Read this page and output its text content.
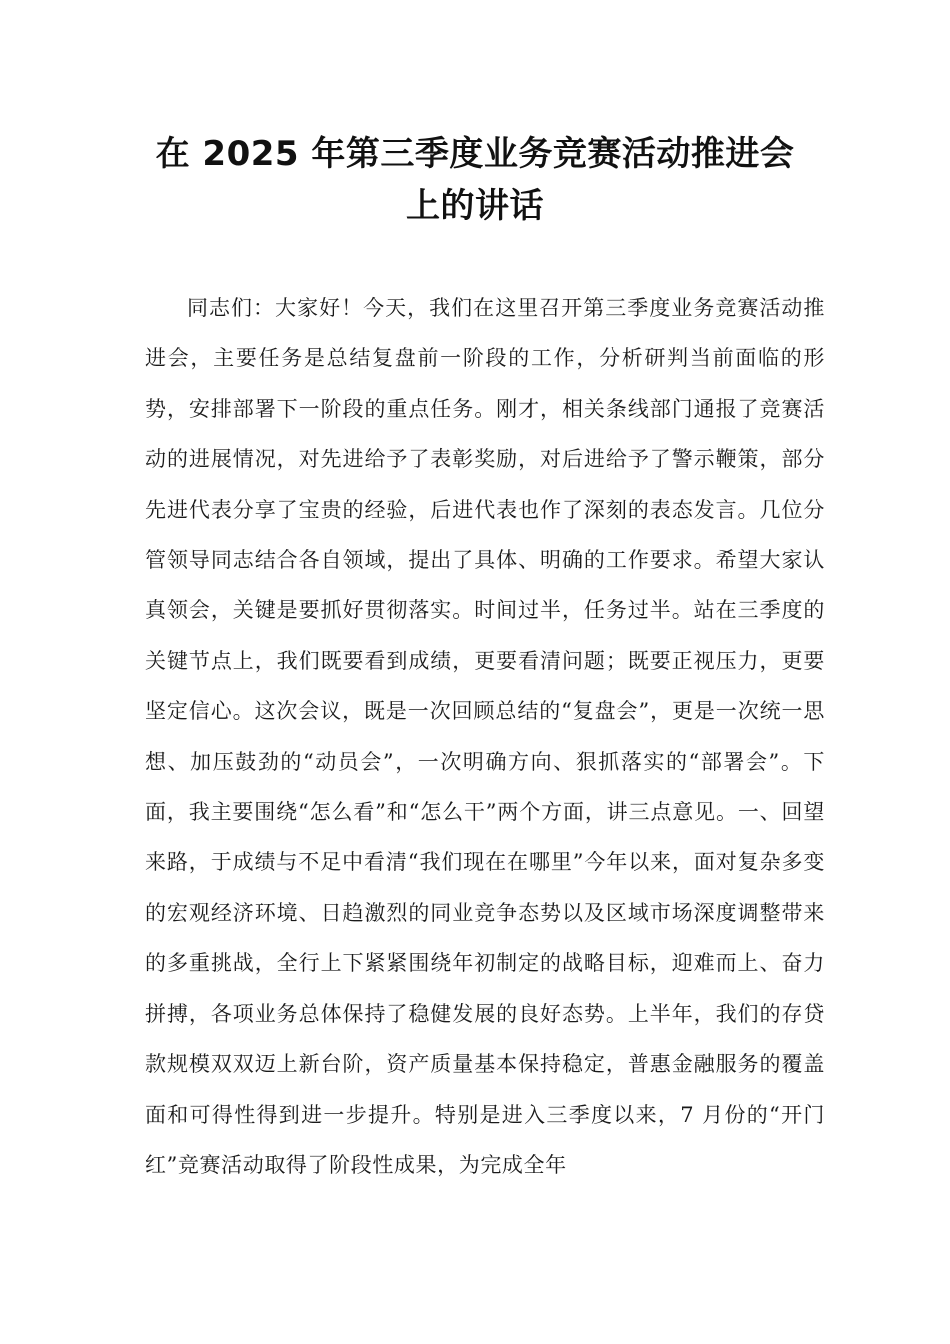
在 2025 年第三季度业务竞赛活动推进会上的讲话

同志们：大家好！今天，我们在这里召开第三季度业务竞赛活动推进会，主要任务是总结复盘前一阶段的工作，分析研判当前面临的形势，安排部署下一阶段的重点任务。刚才，相关条线部门通报了竞赛活动的进展情况，对先进给予了表彰奖励，对后进给予了警示鞭策，部分先进代表分享了宝贵的经验，后进代表也作了深刻的表态发言。几位分管领导同志结合各自领域，提出了具体、明确的工作要求。希望大家认真领会，关键是要抓好贯彻落实。时间过半，任务过半。站在三季度的关键节点上，我们既要看到成绩，更要看清问题；既要正视压力，更要坚定信心。这次会议，既是一次回顾总结的“复盘会”，更是一次统一思想、加压鼓劲的“动员会”，一次明确方向、狠抓落实的“部署会”。下面，我主要围绕“怎么看”和“怎么干”两个方面，讲三点意见。一、回望来路，于成绩与不足中看清“我们现在在哪里”今年以来，面对复杂多变的宏观经济环境、日趋激烈的同业竞争态势以及区域市场深度调整带来的多重挑战，全行上下紧紧围绕年初制定的战略目标，迎难而上、奋力拼搏，各项业务总体保持了稳健发展的良好态势。上半年，我们的存贷款规模双双迈上新台阶，资产质量基本保持稳定，普惠金融服务的覆盖面和可得性得到进一步提升。特别是进入三季度以来，7 月份的“开门红”竞赛活动取得了阶段性成果，为完成全年
